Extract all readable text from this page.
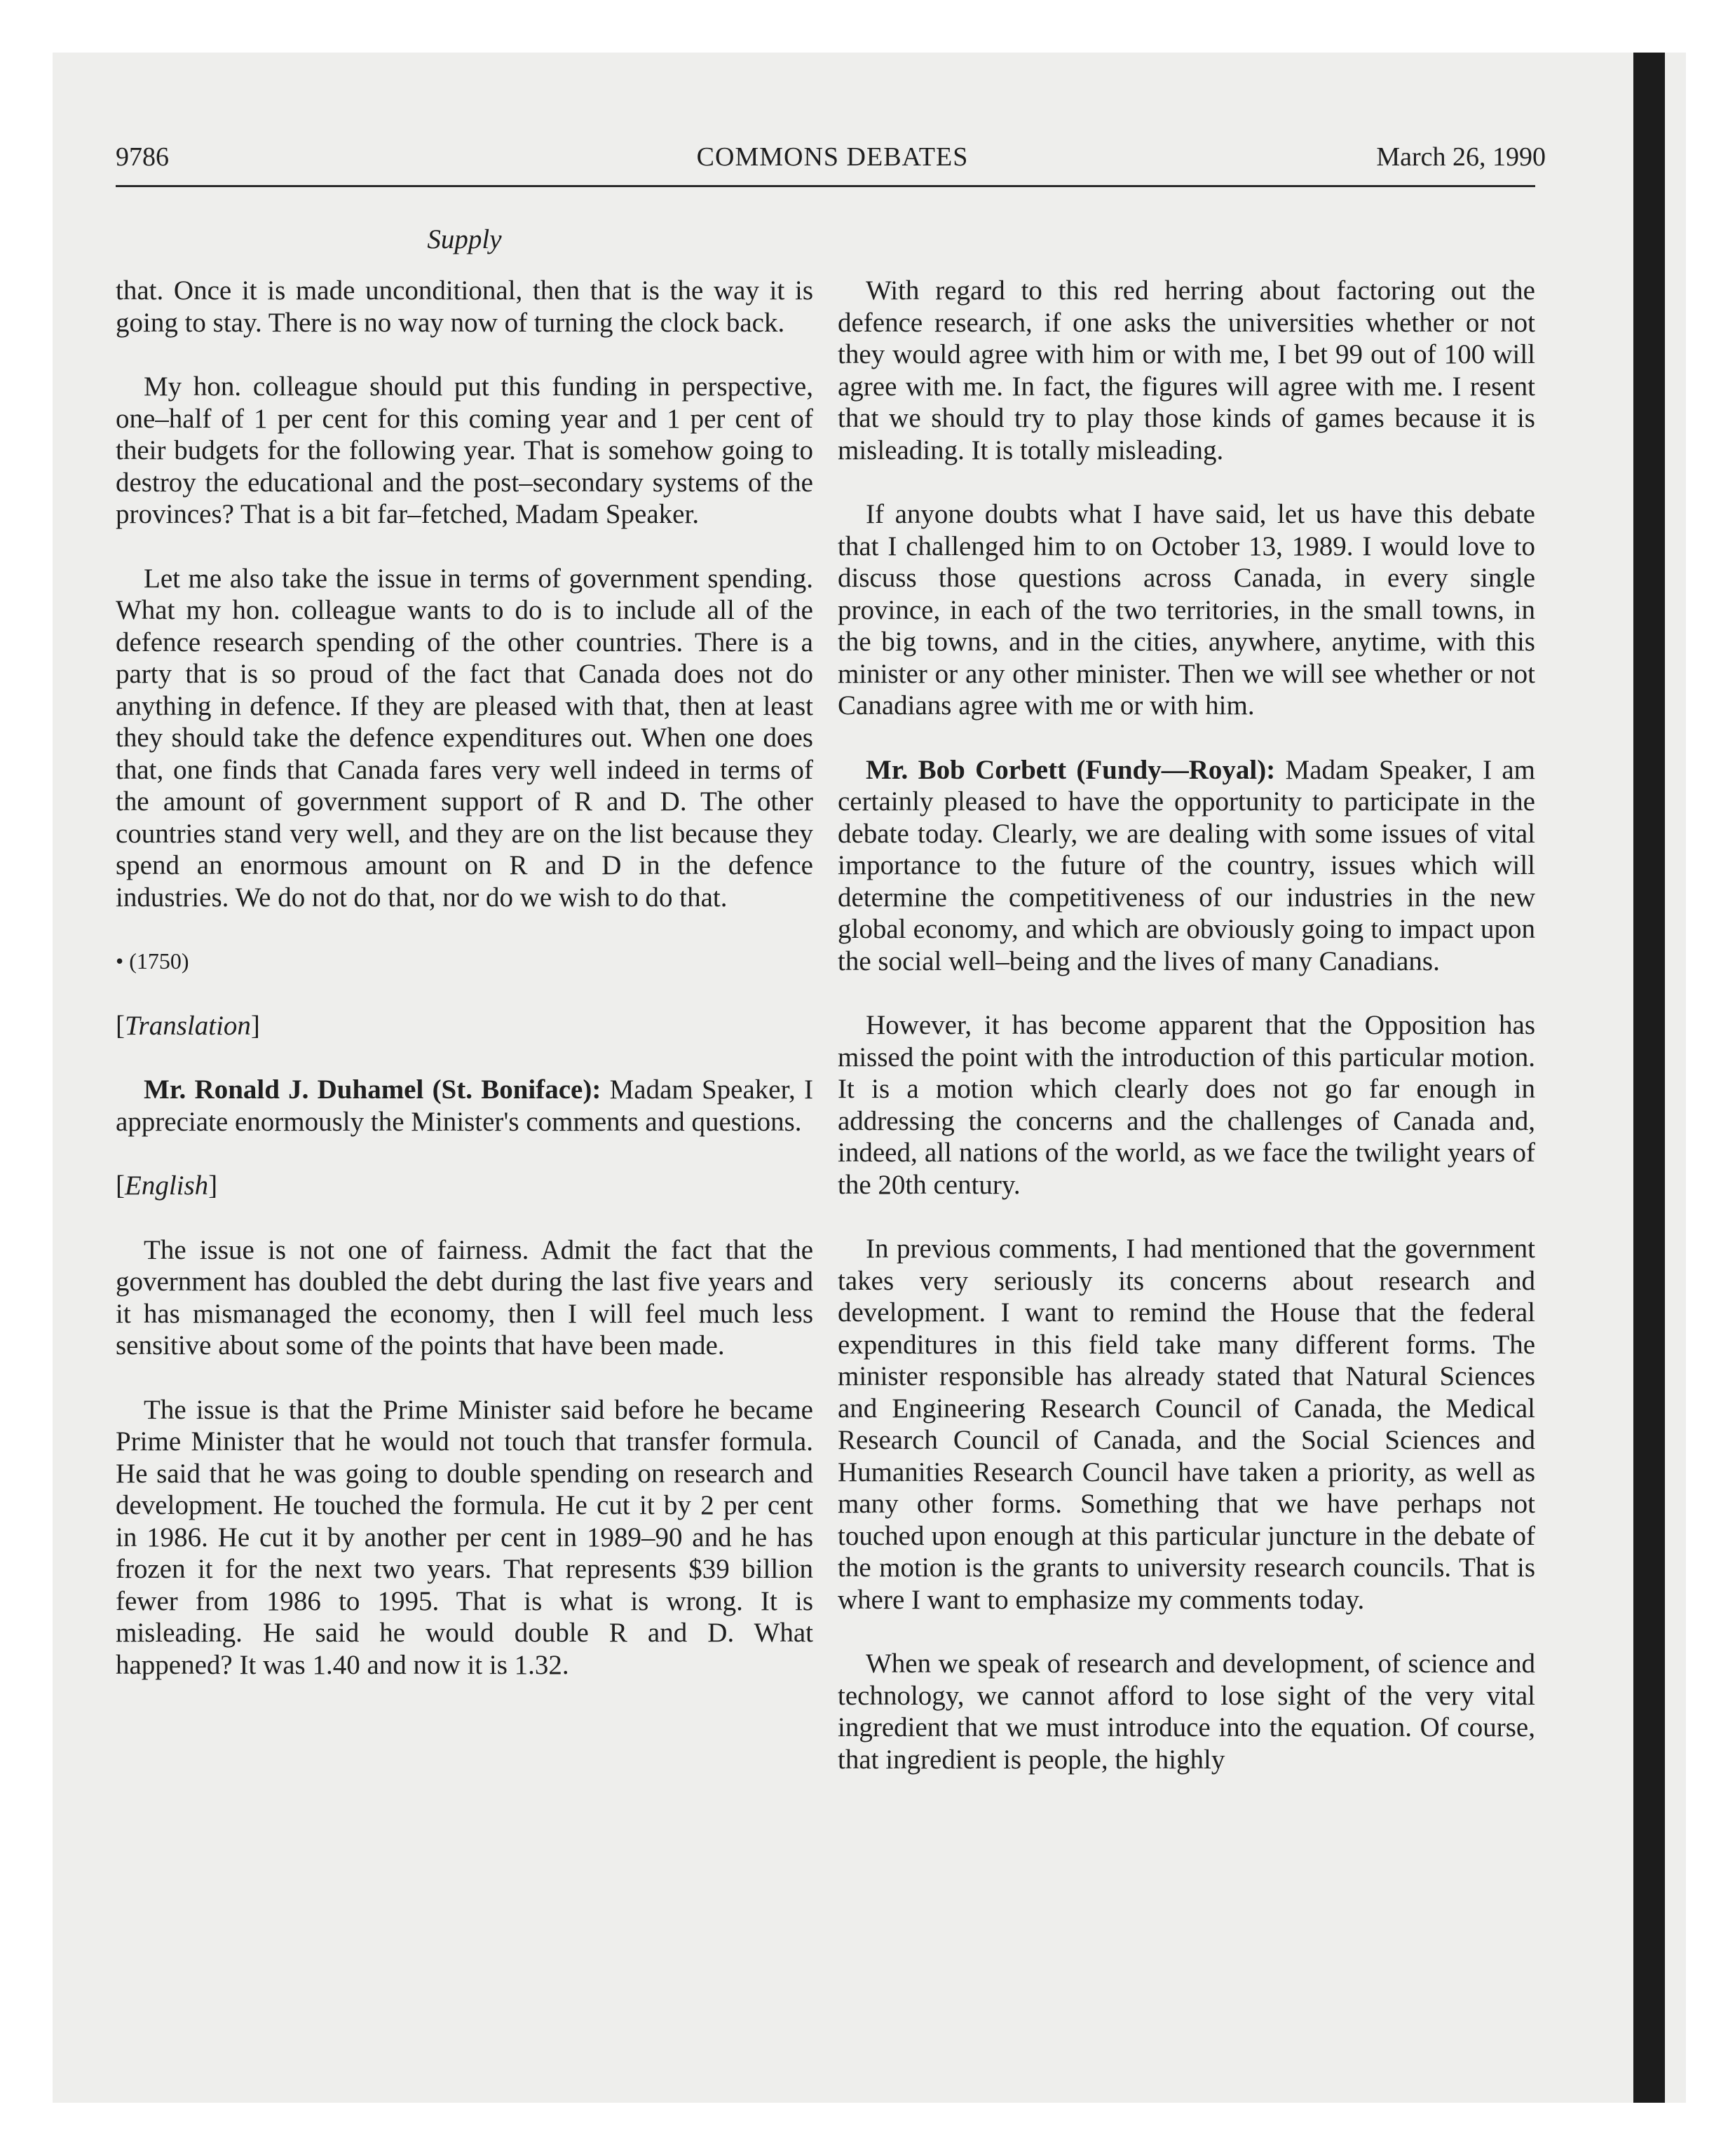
9786	COMMONS DEBATES	March 26, 1990
Supply

that. Once it is made unconditional, then that is the way it is going to stay. There is no way now of turning the clock back.

My hon. colleague should put this funding in perspective, one–half of 1 per cent for this coming year and 1 per cent of their budgets for the following year. That is somehow going to destroy the educational and the post–secondary systems of the provinces? That is a bit far–fetched, Madam Speaker.

Let me also take the issue in terms of government spending. What my hon. colleague wants to do is to include all of the defence research spending of the other countries. There is a party that is so proud of the fact that Canada does not do anything in defence. If they are pleased with that, then at least they should take the defence expenditures out. When one does that, one finds that Canada fares very well indeed in terms of the amount of government support of R and D. The other countries stand very well, and they are on the list because they spend an enormous amount on R and D in the defence industries. We do not do that, nor do we wish to do that.

• (1750)
[Translation]

Mr. Ronald J. Duhamel (St. Boniface): Madam Speaker, I appreciate enormously the Minister's comments and questions.

[English]

The issue is not one of fairness. Admit the fact that the government has doubled the debt during the last five years and it has mismanaged the economy, then I will feel much less sensitive about some of the points that have been made.

The issue is that the Prime Minister said before he became Prime Minister that he would not touch that transfer formula. He said that he was going to double spending on research and development. He touched the formula. He cut it by 2 per cent in 1986. He cut it by another per cent in 1989–90 and he has frozen it for the next two years. That represents $39 billion fewer from 1986 to 1995. That is what is wrong. It is misleading. He said he would double R and D. What happened? It was 1.40 and now it is 1.32.

With regard to this red herring about factoring out the defence research, if one asks the universities whether or not they would agree with him or with me, I bet 99 out of 100 will agree with me. In fact, the figures will agree with me. I resent that we should try to play those kinds of games because it is misleading. It is totally misleading.

If anyone doubts what I have said, let us have this debate that I challenged him to on October 13, 1989. I would love to discuss those questions across Canada, in every single province, in each of the two territories, in the small towns, in the big towns, and in the cities, anywhere, anytime, with this minister or any other minister. Then we will see whether or not Canadians agree with me or with him.

Mr. Bob Corbett (Fundy—Royal): Madam Speaker, I am certainly pleased to have the opportunity to participate in the debate today. Clearly, we are dealing with some issues of vital importance to the future of the country, issues which will determine the competitiveness of our industries in the new global economy, and which are obviously going to impact upon the social well–being and the lives of many Canadians.

However, it has become apparent that the Opposition has missed the point with the introduction of this particular motion. It is a motion which clearly does not go far enough in addressing the concerns and the challenges of Canada and, indeed, all nations of the world, as we face the twilight years of the 20th century.

In previous comments, I had mentioned that the government takes very seriously its concerns about research and development. I want to remind the House that the federal expenditures in this field take many different forms. The minister responsible has already stated that Natural Sciences and Engineering Research Council of Canada, the Medical Research Council of Canada, and the Social Sciences and Humanities Research Council have taken a priority, as well as many other forms. Something that we have perhaps not touched upon enough at this particular juncture in the debate of the motion is the grants to university research councils. That is where I want to emphasize my comments today.

When we speak of research and development, of science and technology, we cannot afford to lose sight of the very vital ingredient that we must introduce into the equation. Of course, that ingredient is people, the highly
